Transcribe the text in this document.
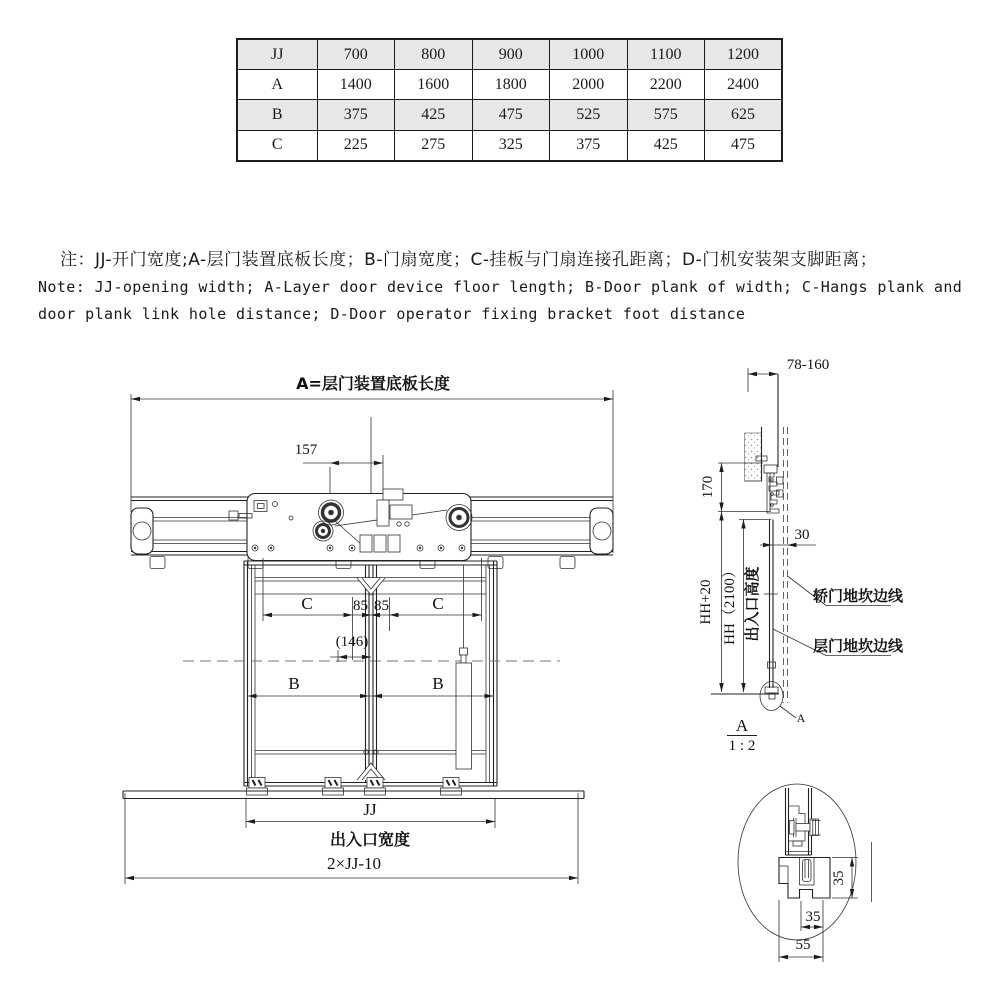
JJ	700	800	900	1000	1100	1200
A	1400	1600	1800	2000	2200	2400
B	375	425	475	525	575	625
C	225	275	325	375	425	475
注：JJ-开门宽度;A-层门装置底板长度；B-门扇宽度；C-挂板与门扇连接孔距离；D-门机安装架支脚距离；
Note: JJ-opening width; A-Layer door device floor length; B-Door plank of width; C-Hangs plank and
door plank link hole distance; D-Door operator fixing bracket foot distance
A=层门装置底板长度
157
C	85 85	C
(146)
B	B
JJ
出入口宽度
2×JJ-10
78-160
170
HH+20 HH（2100） 出入口高度
30
轿门地坎边线
层门地坎边线
A
A
1 : 2
35
35
55
